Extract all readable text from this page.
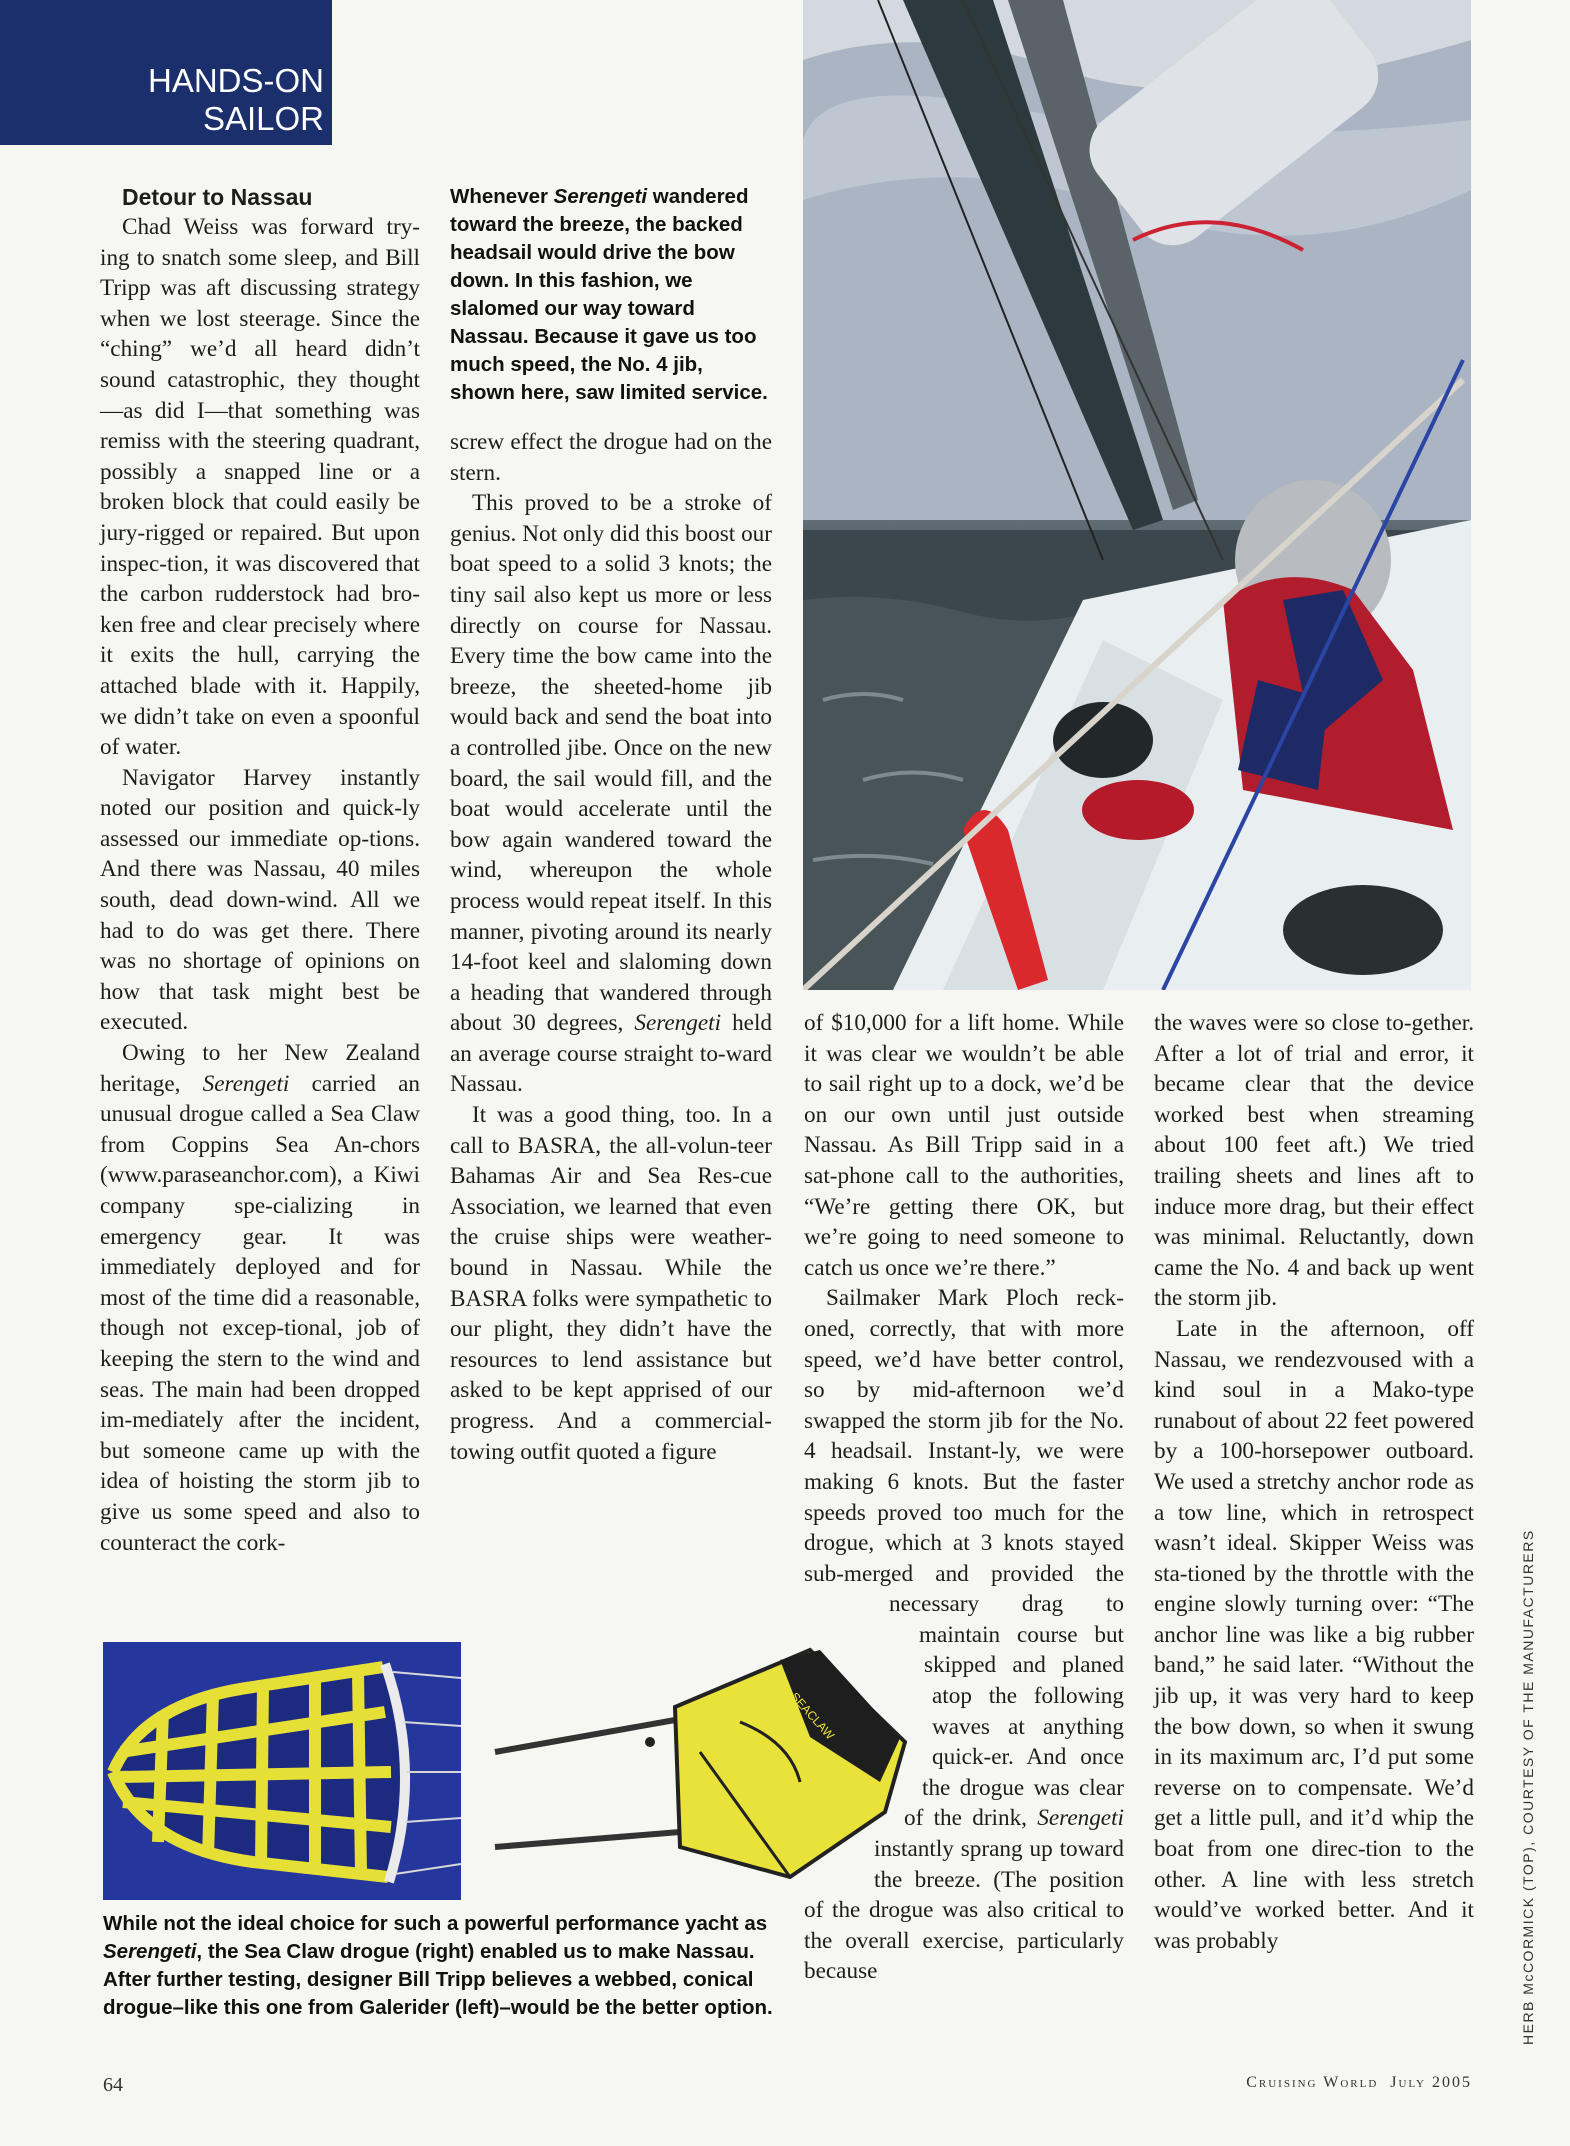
HANDS-ON
SAILOR

Detour to Nassau

Chad Weiss was forward try-ing to snatch some sleep, and Bill Tripp was aft discussing strategy when we lost steerage. Since the “ching” we’d all heard didn’t sound catastrophic, they thought—as did I—that something was remiss with the steering quadrant, possibly a snapped line or a broken block that could easily be jury-rigged or repaired. But upon inspec-tion, it was discovered that the carbon rudderstock had bro-ken free and clear precisely where it exits the hull, carrying the attached blade with it. Happily, we didn’t take on even a spoonful of water.

Navigator Harvey instantly noted our position and quick-ly assessed our immediate op-tions. And there was Nassau, 40 miles south, dead down-wind. All we had to do was get there. There was no shortage of opinions on how that task might best be executed.

Owing to her New Zealand heritage, Serengeti carried an unusual drogue called a Sea Claw from Coppins Sea An-chors (www.paraseanchor.com), a Kiwi company spe-cializing in emergency gear. It was immediately deployed and for most of the time did a reasonable, though not excep-tional, job of keeping the stern to the wind and seas. The main had been dropped im-mediately after the incident, but someone came up with the idea of hoisting the storm jib to give us some speed and also to counteract the cork-

Whenever Serengeti wandered toward the breeze, the backed headsail would drive the bow down. In this fashion, we slalomed our way toward Nassau. Because it gave us too much speed, the No. 4 jib, shown here, saw limited service.

screw effect the drogue had on the stern.

This proved to be a stroke of genius. Not only did this boost our boat speed to a solid 3 knots; the tiny sail also kept us more or less directly on course for Nassau. Every time the bow came into the breeze, the sheeted-home jib would back and send the boat into a controlled jibe. Once on the new board, the sail would fill, and the boat would accelerate until the bow again wandered toward the wind, whereupon the whole process would repeat itself. In this manner, pivoting around its nearly 14-foot keel and slaloming down a heading that wandered through about 30 degrees, Serengeti held an average course straight to-ward Nassau.

It was a good thing, too. In a call to BASRA, the all-volun-teer Bahamas Air and Sea Res-cue Association, we learned that even the cruise ships were weather-bound in Nassau. While the BASRA folks were sympathetic to our plight, they didn’t have the resources to lend assistance but asked to be kept apprised of our progress. And a commercial-towing outfit quoted a figure

of $10,000 for a lift home. While it was clear we wouldn’t be able to sail right up to a dock, we’d be on our own until just outside Nassau. As Bill Tripp said in a sat-phone call to the authorities, “We’re getting there OK, but we’re going to need someone to catch us once we’re there.”

Sailmaker Mark Ploch reck-oned, correctly, that with more speed, we’d have better control, so by mid-afternoon we’d swapped the storm jib for the No. 4 headsail. Instant-ly, we were making 6 knots. But the faster speeds proved too much for the drogue, which at 3 knots stayed sub-merged and provided the necessary drag to maintain course but skipped and planed atop the following waves at anything quick-er. And once the drogue was clear of the drink, Serengeti instantly sprang up toward the breeze. (The position of the drogue was also critical to the overall exercise, particularly because

the waves were so close to-gether. After a lot of trial and error, it became clear that the device worked best when streaming about 100 feet aft.) We tried trailing sheets and lines aft to induce more drag, but their effect was minimal. Reluctantly, down came the No. 4 and back up went the storm jib.

Late in the afternoon, off Nassau, we rendezvoused with a kind soul in a Mako-type runabout of about 22 feet powered by a 100-horsepower outboard. We used a stretchy anchor rode as a tow line, which in retrospect wasn’t ideal. Skipper Weiss was sta-tioned by the throttle with the engine slowly turning over: “The anchor line was like a big rubber band,” he said later. “Without the jib up, it was very hard to keep the bow down, so when it swung in its maximum arc, I’d put some reverse on to compensate. We’d get a little pull, and it’d whip the boat from one direc-tion to the other. A line with less stretch would’ve worked better. And it was probably

SEACLAW
While not the ideal choice for such a powerful performance yacht as Serengeti, the Sea Claw drogue (right) enabled us to make Nassau. After further testing, designer Bill Tripp believes a webbed, conical drogue–like this one from Galerider (left)–would be the better option.
64	Cruising World July 2005
HERB McCORMICK (TOP), COURTESY OF THE MANUFACTURERS
